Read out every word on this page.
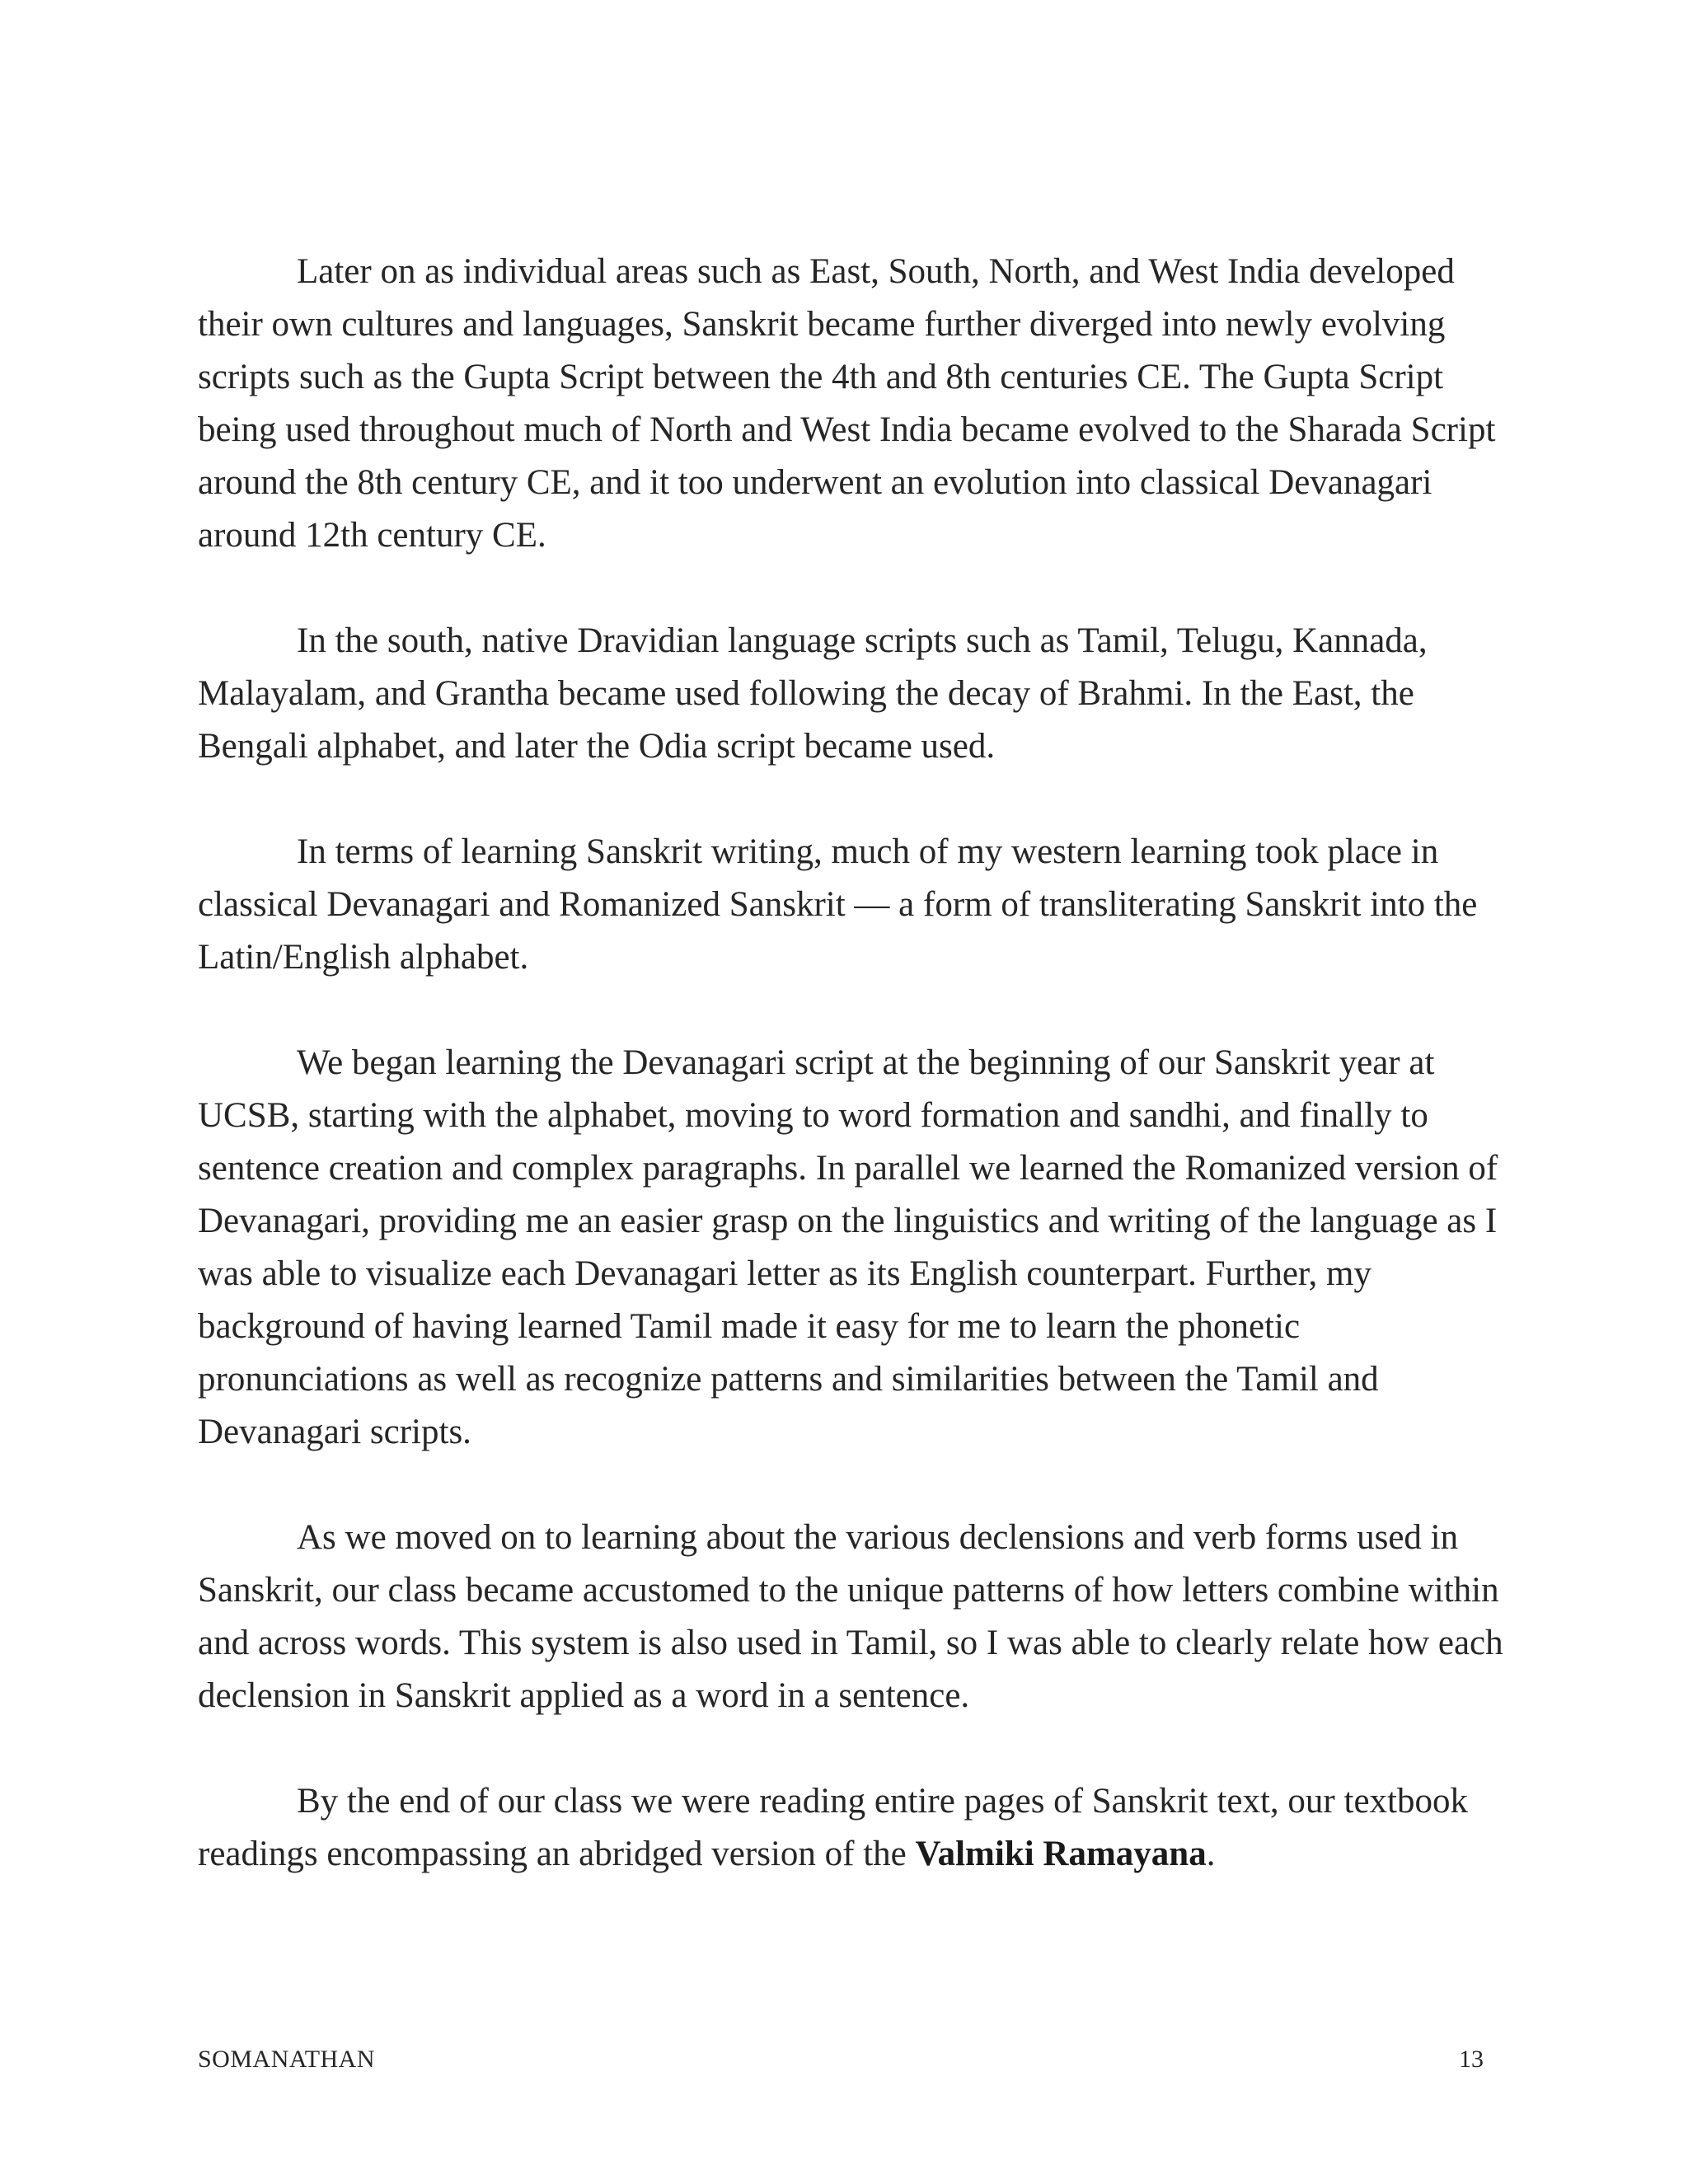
Later on as individual areas such as East, South, North, and West India developed their own cultures and languages, Sanskrit became further diverged into newly evolving scripts such as the Gupta Script between the 4th and 8th centuries CE. The Gupta Script being used throughout much of North and West India became evolved to the Sharada Script around the 8th century CE, and it too underwent an evolution into classical Devanagari around 12th century CE.

In the south, native Dravidian language scripts such as Tamil, Telugu, Kannada, Malayalam, and Grantha became used following the decay of Brahmi. In the East, the Bengali alphabet, and later the Odia script became used.

In terms of learning Sanskrit writing, much of my western learning took place in classical Devanagari and Romanized Sanskrit — a form of transliterating Sanskrit into the Latin/English alphabet.

We began learning the Devanagari script at the beginning of our Sanskrit year at UCSB, starting with the alphabet, moving to word formation and sandhi, and finally to sentence creation and complex paragraphs. In parallel we learned the Romanized version of Devanagari, providing me an easier grasp on the linguistics and writing of the language as I was able to visualize each Devanagari letter as its English counterpart. Further, my background of having learned Tamil made it easy for me to learn the phonetic pronunciations as well as recognize patterns and similarities between the Tamil and Devanagari scripts.

As we moved on to learning about the various declensions and verb forms used in Sanskrit, our class became accustomed to the unique patterns of how letters combine within and across words. This system is also used in Tamil, so I was able to clearly relate how each declension in Sanskrit applied as a word in a sentence.

By the end of our class we were reading entire pages of Sanskrit text, our textbook readings encompassing an abridged version of the Valmiki Ramayana.

SOMANATHAN	13
